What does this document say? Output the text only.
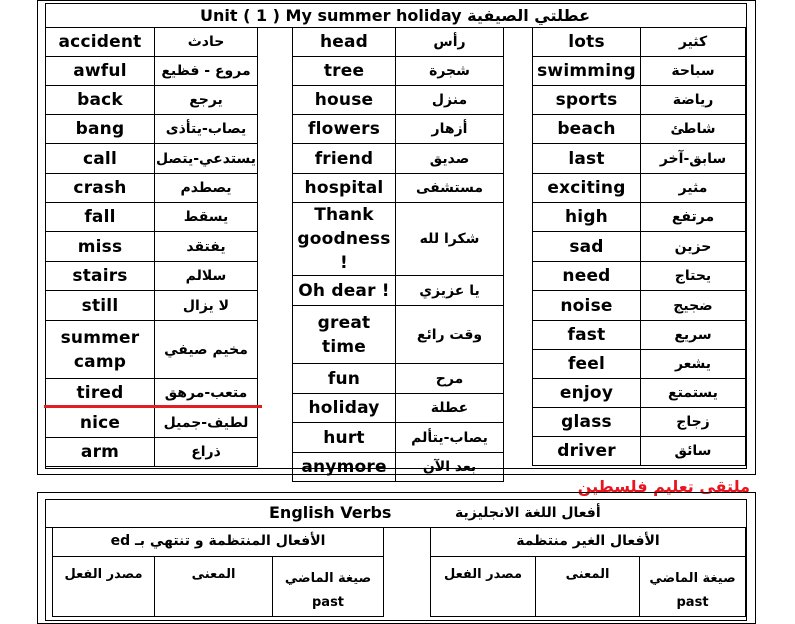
Unit ( 1 ) My summer holiday عطلتي الصيفية
accident	حادث
awful	مروع - فظيع
back	يرجع
bang	يصاب-يتأذى
call	يستدعي-يتصل
crash	يصطدم
fall	يسقط
miss	يفتقد
stairs	سلالم
still	لا يزال
summer camp	مخيم صيفي
tired	متعب-مرهق
nice	لطيف-جميل
arm	ذراع
head	رأس
tree	شجرة
house	منزل
flowers	أزهار
friend	صديق
hospital	مستشفى
Thank goodness !	شكرا لله
Oh dear !	يا عزيزي
great time	وقت رائع
fun	مرح
holiday	عطلة
hurt	يصاب-يتألم
anymore	بعد الآن
lots	كثير
swimming	سباحة
sports	رياضة
beach	شاطئ
last	سابق-آخر
exciting	مثير
high	مرتفع
sad	حزين
need	يحتاج
noise	ضجيج
fast	سريع
feel	يشعر
enjoy	يستمتع
glass	زجاج
driver	سائق
ملتقى تعليم فلسطين
English Verbs	أفعال اللغة الانجليزية
الأفعال المنتظمة و تنتهي بـ ed
مصدر الفعل	المعنى	صيغة الماضي
past
الأفعال الغير منتظمة
مصدر الفعل	المعنى	صيغة الماضي
past
